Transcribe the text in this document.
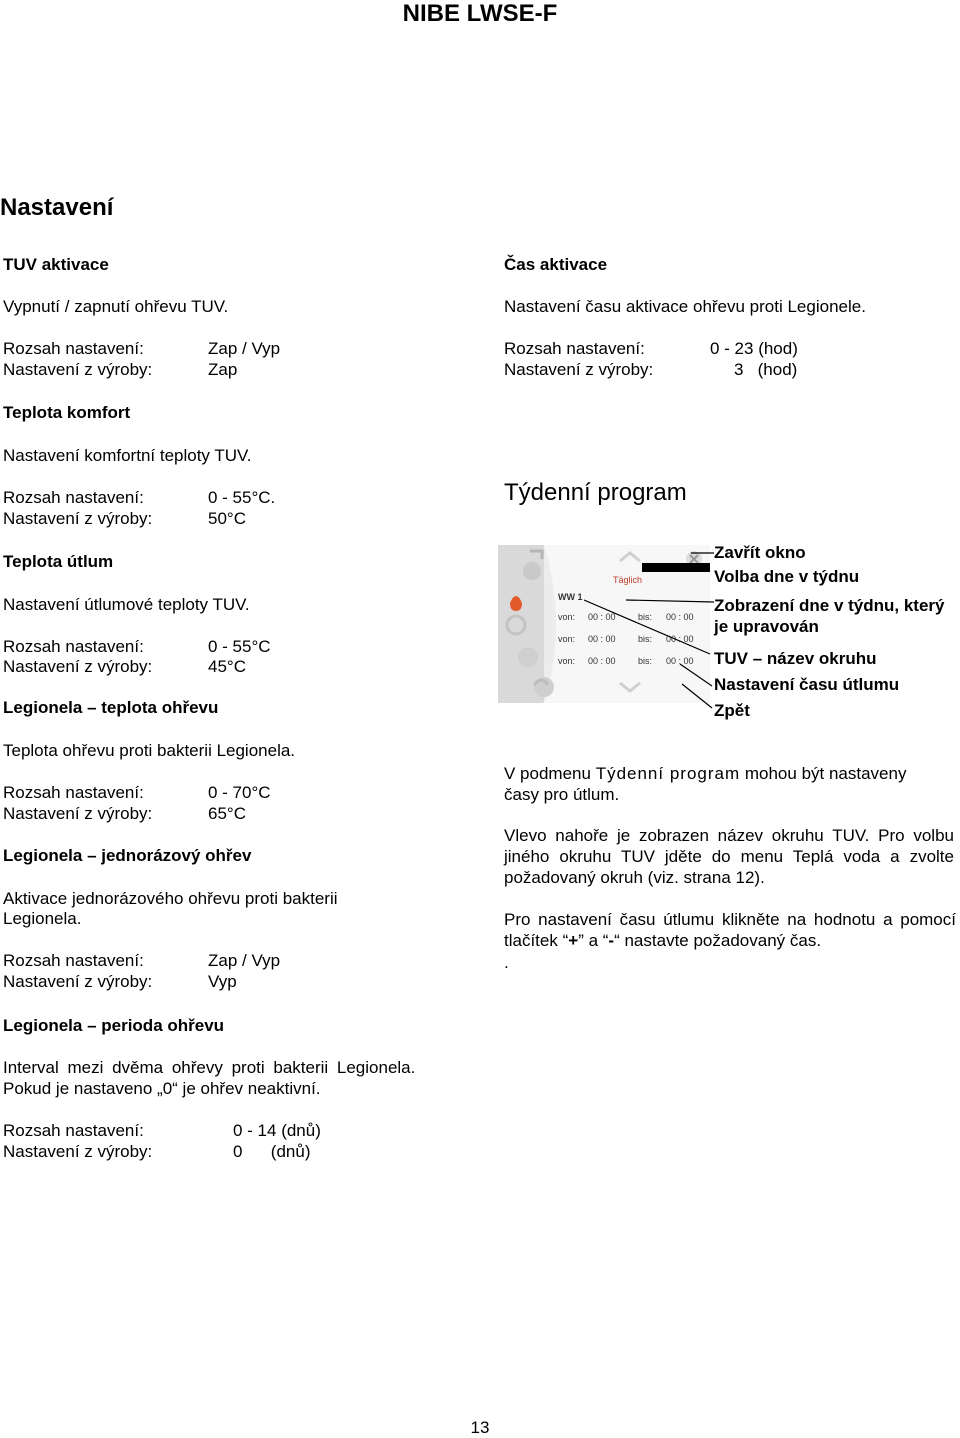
NIBE LWSE-F
Nastavení
TUV aktivace
Vypnutí / zapnutí ohřevu TUV.
Rozsah nastavení:	Zap / Vyp
Nastavení z výroby:	Zap
Teplota komfort
Nastavení komfortní teploty TUV.
Rozsah nastavení:	0 - 55°C.
Nastavení z výroby:	50°C
Teplota útlum
Nastavení útlumové teploty TUV.
Rozsah nastavení:	0 - 55°C
Nastavení z výroby:	45°C
Legionela – teplota ohřevu
Teplota ohřevu proti bakterii Legionela.
Rozsah nastavení:	0 - 70°C
Nastavení z výroby:	65°C
Legionela – jednorázový ohřev
Aktivace jednorázového ohřevu proti bakterii
Legionela.
Rozsah nastavení:	Zap / Vyp
Nastavení z výroby:	Vyp
Legionela – perioda ohřevu
Interval mezi dvěma ohřevy proti bakterii Legionela.
Pokud je nastaveno „0“ je ohřev neaktivní.
Rozsah nastavení:	0 - 14 (dnů)
Nastavení z výroby:	0      (dnů)
Čas aktivace
Nastavení času aktivace ohřevu proti Legionele.
Rozsah nastavení:	0 - 23 (hod)
Nastavení z výroby:	3   (hod)
Týdenní program
Täglich
WW 1
von: 00 : 00 bis: 00 : 00
von: 00 : 00 bis: 00 : 00
von: 00 : 00 bis: 00 : 00
Zavřít okno
Volba dne v týdnu
Zobrazení dne v týdnu, který
je upravován
TUV – název okruhu
Nastavení času útlumu
Zpět
V podmenu Týdenní program mohou být nastaveny
časy pro útlum.
Vlevo nahoře je zobrazen název okruhu TUV. Pro volbu jiného okruhu TUV jděte do menu Teplá voda a zvolte požadovaný okruh (viz. strana 12).
Pro nastavení času útlumu klikněte na hodnotu a pomocí tlačítek “+” a “-“ nastavte požadovaný čas.
.
13
